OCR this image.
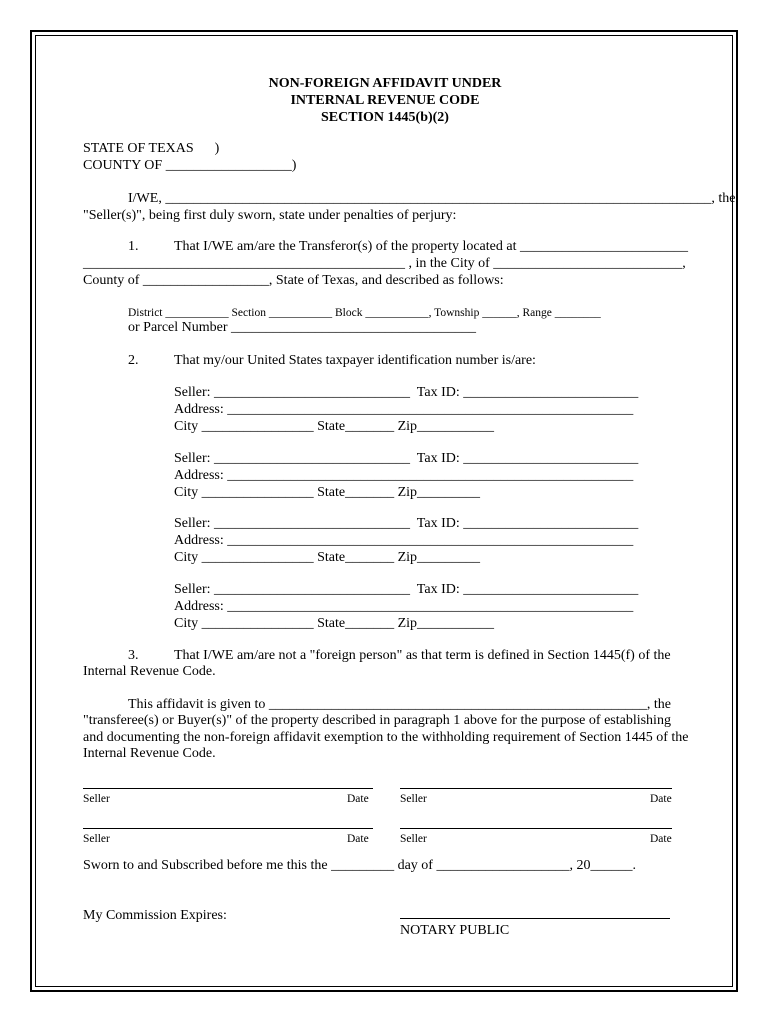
NON-FOREIGN AFFIDAVIT UNDER
INTERNAL REVENUE CODE
SECTION 1445(b)(2)
STATE OF TEXAS      )
COUNTY OF __________________)
I/WE, ______________________________________________________________________________, the
"Seller(s)", being first duly sworn, state under penalties of perjury:
1.	That I/WE am/are the Transferor(s) of the property located at ________________________
______________________________________________ , in the City of ___________________________,
County of __________________, State of Texas, and described as follows:
District ___________ Section ___________ Block ___________, Township ______, Range ________
or Parcel Number ___________________________________
2.	That my/our United States taxpayer identification number is/are:
Seller: ____________________________  Tax ID: _________________________
Address: __________________________________________________________
City ________________ State_______ Zip___________
Seller: ____________________________  Tax ID: _________________________
Address: __________________________________________________________
City ________________ State_______ Zip_________
Seller: ____________________________  Tax ID: _________________________
Address: __________________________________________________________
City ________________ State_______ Zip_________
Seller: ____________________________  Tax ID: _________________________
Address: __________________________________________________________
City ________________ State_______ Zip___________
3.	That I/WE am/are not a "foreign person" as that term is defined in Section 1445(f) of the
Internal Revenue Code.
This affidavit is given to ______________________________________________________, the
"transferee(s) or Buyer(s)" of the property described in paragraph 1 above for the purpose of establishing
and documenting the non-foreign affidavit exemption to the withholding requirement of Section 1445 of the
Internal Revenue Code.
Seller	Date	Seller	Date
Seller	Date	Seller	Date
Sworn to and Subscribed before me this the _________ day of ___________________, 20______.
My Commission Expires:
NOTARY PUBLIC
